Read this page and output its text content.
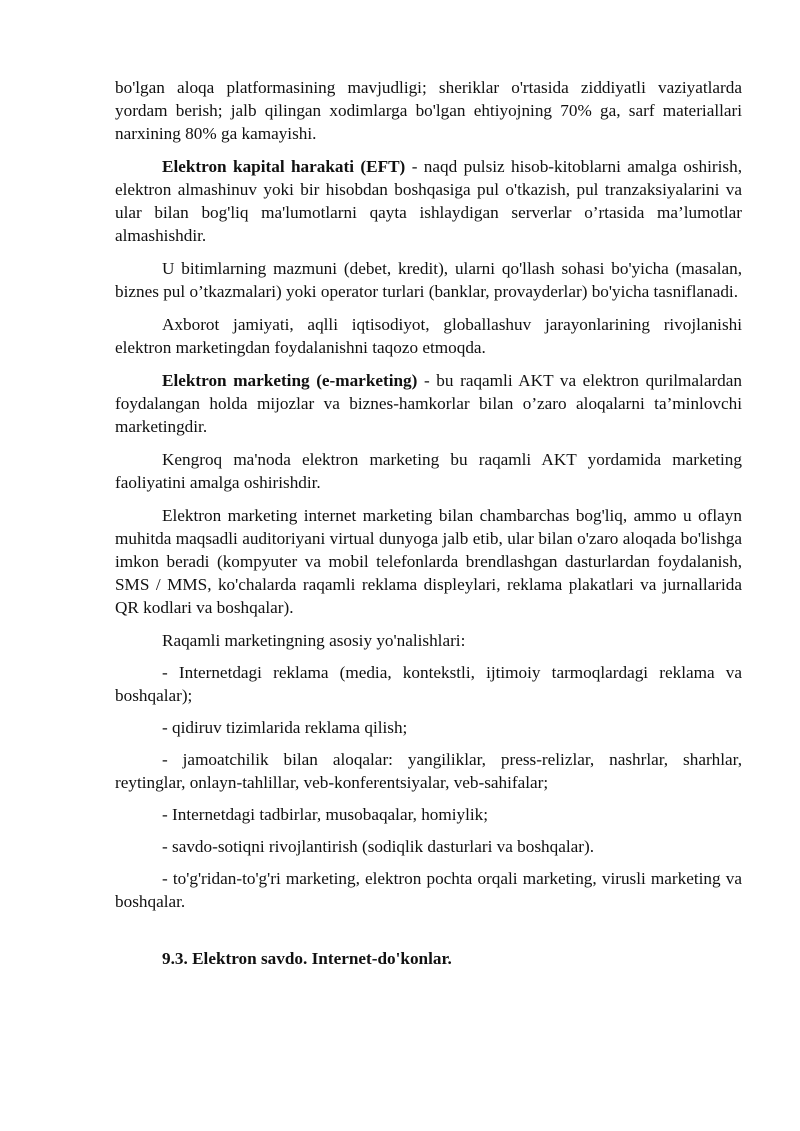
bo'lgan aloqa platformasining mavjudligi; sheriklar o'rtasida ziddiyatli vaziyatlarda yordam berish; jalb qilingan xodimlarga bo'lgan ehtiyojning 70% ga, sarf materiallari narxining 80% ga kamayishi.

Elektron kapital harakati (EFT) - naqd pulsiz hisob-kitoblarni amalga oshirish, elektron almashinuv yoki bir hisobdan boshqasiga pul o'tkazish, pul tranzaksiyalarini va ular bilan bog'liq ma'lumotlarni qayta ishlaydigan serverlar o’rtasida ma’lumotlar almashishdir.

U bitimlarning mazmuni (debet, kredit), ularni qo'llash sohasi bo'yicha (masalan, biznes pul o’tkazmalari) yoki operator turlari (banklar, provayderlar) bo'yicha tasniflanadi.

Axborot jamiyati, aqlli iqtisodiyot, globallashuv jarayonlarining rivojlanishi elektron marketingdan foydalanishni taqozo etmoqda.

Elektron marketing (e-marketing) - bu raqamli AKT va elektron qurilmalardan foydalangan holda mijozlar va biznes-hamkorlar bilan o’zaro aloqalarni ta’minlovchi marketingdir.

Kengroq ma'noda elektron marketing bu raqamli AKT yordamida marketing faoliyatini amalga oshirishdir.

Elektron marketing internet marketing bilan chambarchas bog'liq, ammo u oflayn muhitda maqsadli auditoriyani virtual dunyoga jalb etib, ular bilan o'zaro aloqada bo'lishga imkon beradi (kompyuter va mobil telefonlarda brendlashgan dasturlardan foydalanish, SMS / MMS, ko'chalarda raqamli reklama displeylari, reklama plakatlari va jurnallarida QR kodlari va boshqalar).

Raqamli marketingning asosiy yo'nalishlari:

- Internetdagi reklama (media, kontekstli, ijtimoiy tarmoqlardagi reklama va boshqalar);

- qidiruv tizimlarida reklama qilish;

- jamoatchilik bilan aloqalar: yangiliklar, press-relizlar, nashrlar, sharhlar, reytinglar, onlayn-tahlillar, veb-konferentsiyalar, veb-sahifalar;

- Internetdagi tadbirlar, musobaqalar, homiylik;

- savdo-sotiqni rivojlantirish (sodiqlik dasturlari va boshqalar).

- to'g'ridan-to'g'ri marketing, elektron pochta orqali marketing, virusli marketing va boshqalar.

9.3. Elektron savdo. Internet-do'konlar.
